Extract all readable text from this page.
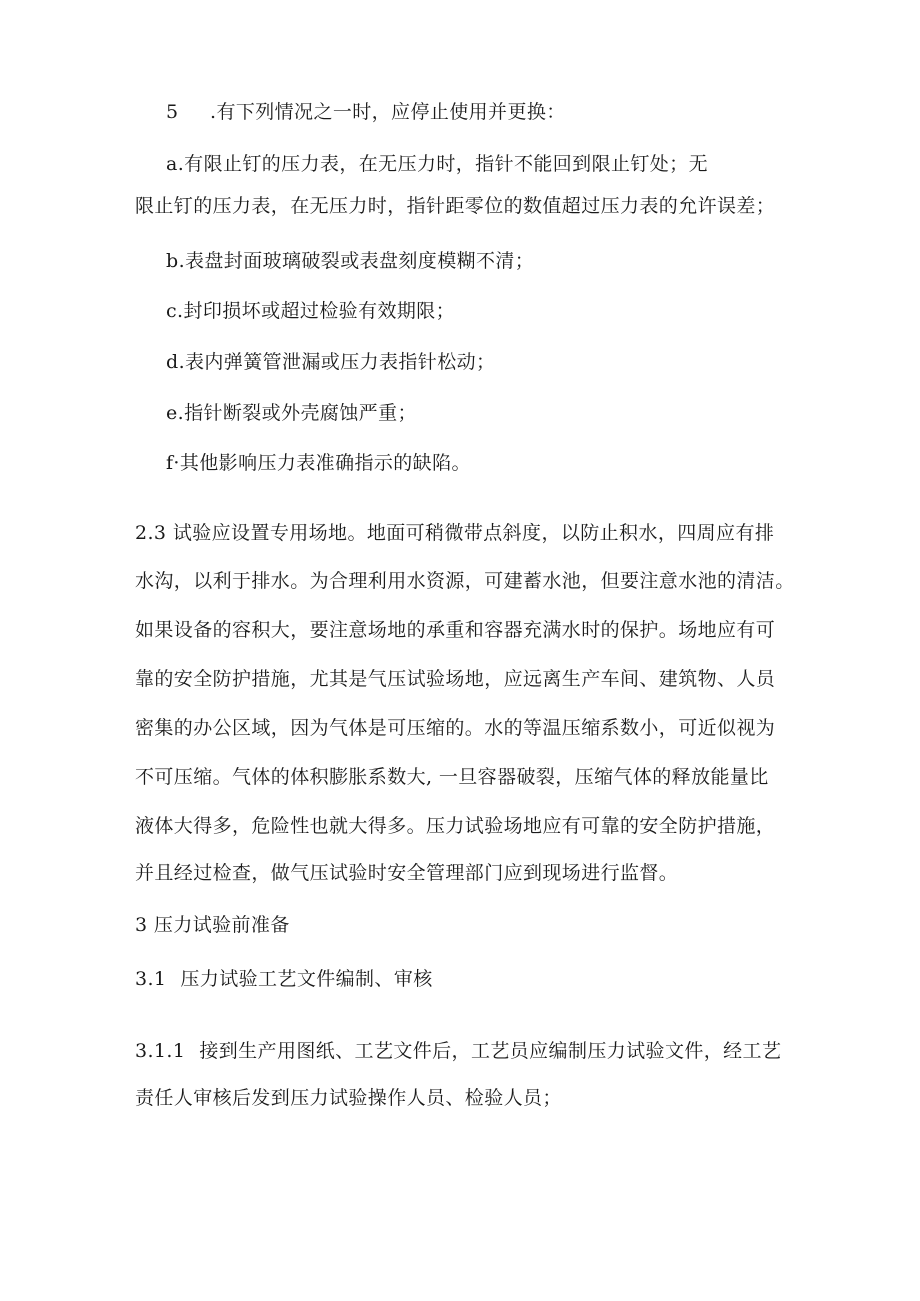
5 .有下列情况之一时，应停止使用并更换：
a.有限止钉的压力表，在无压力时，指针不能回到限止钉处；无
限止钉的压力表，在无压力时，指针距零位的数值超过压力表的允许误差；
b.表盘封面玻璃破裂或表盘刻度模糊不清；
c.封印损坏或超过检验有效期限；
d.表内弹簧管泄漏或压力表指针松动；
e.指针断裂或外壳腐蚀严重；
f·其他影响压力表准确指示的缺陷。
2.3 试验应设置专用场地。地面可稍微带点斜度，以防止积水，四周应有排
水沟，以利于排水。为合理利用水资源，可建蓄水池，但要注意水池的清洁。
如果设备的容积大，要注意场地的承重和容器充满水时的保护。场地应有可
靠的安全防护措施，尤其是气压试验场地，应远离生产车间、建筑物、人员
密集的办公区域，因为气体是可压缩的。水的等温压缩系数小，可近似视为
不可压缩。气体的体积膨胀系数大, 一旦容器破裂，压缩气体的释放能量比
液体大得多，危险性也就大得多。压力试验场地应有可靠的安全防护措施，
并且经过检查，做气压试验时安全管理部门应到现场进行监督。
3 压力试验前准备
3.1 压力试验工艺文件编制、审核
3.1.1 接到生产用图纸、工艺文件后，工艺员应编制压力试验文件，经工艺
责任人审核后发到压力试验操作人员、检验人员；
